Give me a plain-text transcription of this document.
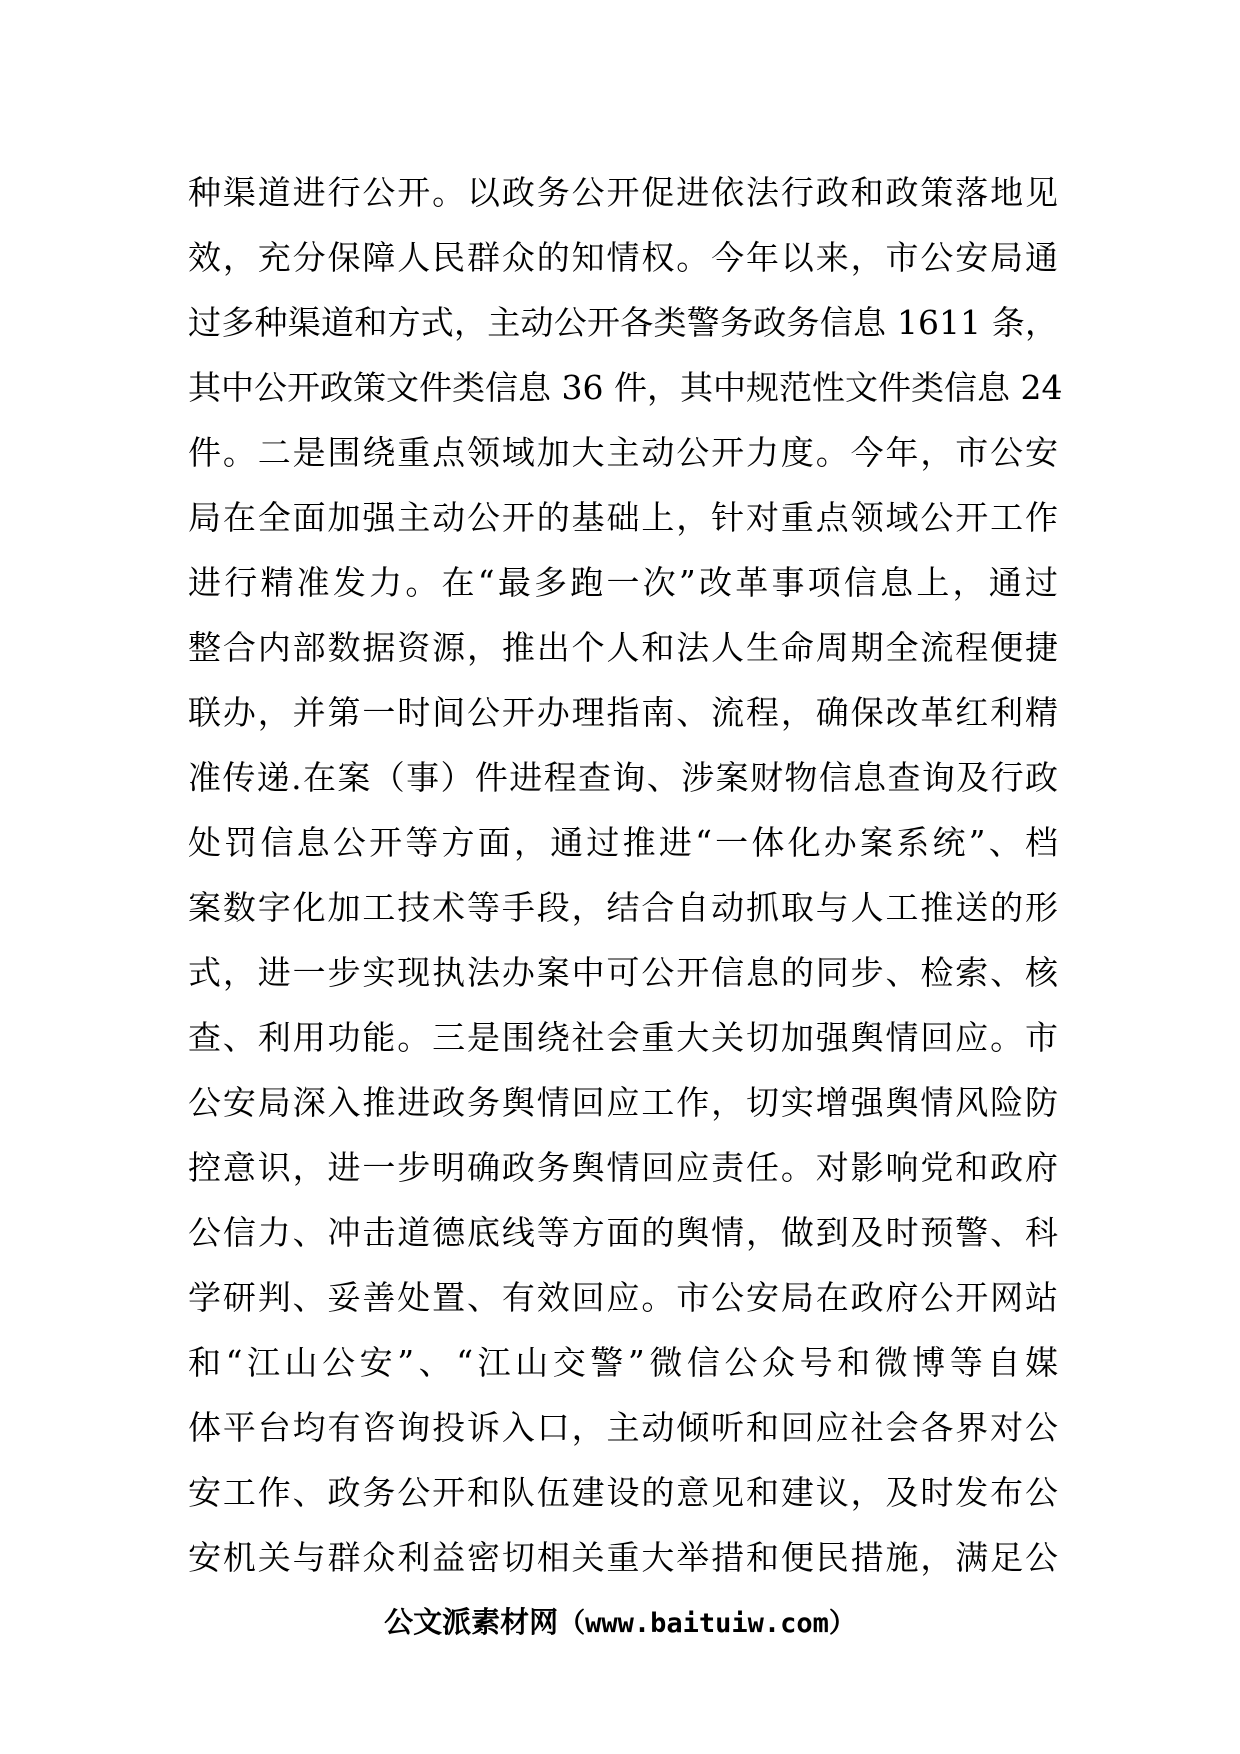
种渠道进行公开。以政务公开促进依法行政和政策落地见
效，充分保障人民群众的知情权。今年以来，市公安局通
过多种渠道和方式，主动公开各类警务政务信息 1611 条，
其中公开政策文件类信息 36 件，其中规范性文件类信息 24
件。二是围绕重点领域加大主动公开力度。今年，市公安
局在全面加强主动公开的基础上，针对重点领域公开工作
进行精准发力。在“最多跑一次”改革事项信息上，通过
整合内部数据资源，推出个人和法人生命周期全流程便捷
联办，并第一时间公开办理指南、流程，确保改革红利精
准传递.在案（事）件进程查询、涉案财物信息查询及行政
处罚信息公开等方面，通过推进“一体化办案系统”、档
案数字化加工技术等手段，结合自动抓取与人工推送的形
式，进一步实现执法办案中可公开信息的同步、检索、核
查、利用功能。三是围绕社会重大关切加强舆情回应。市
公安局深入推进政务舆情回应工作，切实增强舆情风险防
控意识，进一步明确政务舆情回应责任。对影响党和政府
公信力、冲击道德底线等方面的舆情，做到及时预警、科
学研判、妥善处置、有效回应。市公安局在政府公开网站
和“江山公安”、“江山交警”微信公众号和微博等自媒
体平台均有咨询投诉入口，主动倾听和回应社会各界对公
安工作、政务公开和队伍建设的意见和建议，及时发布公
安机关与群众利益密切相关重大举措和便民措施，满足公
公文派素材网（www.baituiw.com）
